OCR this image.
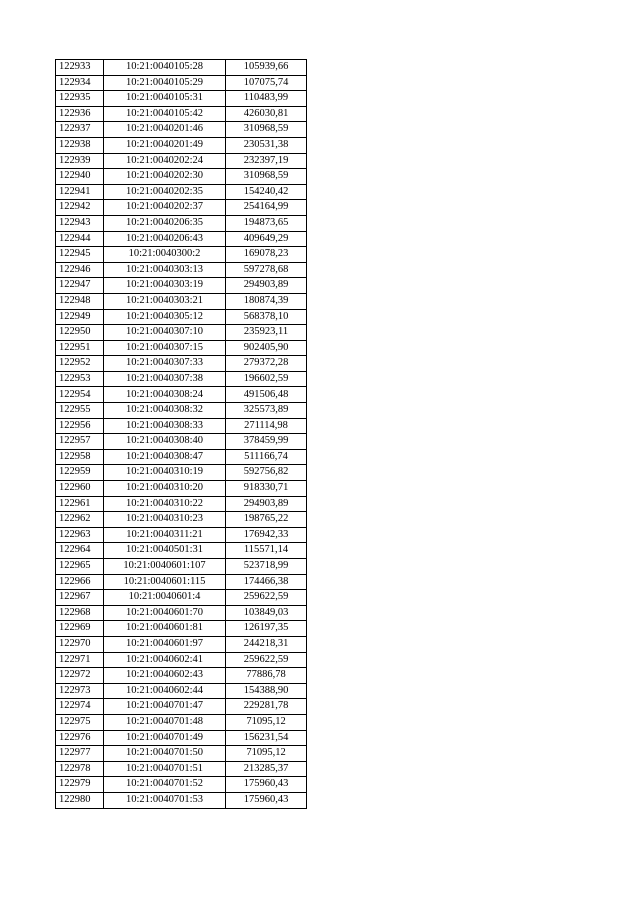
122933	10:21:0040105:28	105939,66
122934	10:21:0040105:29	107075,74
122935	10:21:0040105:31	110483,99
122936	10:21:0040105:42	426030,81
122937	10:21:0040201:46	310968,59
122938	10:21:0040201:49	230531,38
122939	10:21:0040202:24	232397,19
122940	10:21:0040202:30	310968,59
122941	10:21:0040202:35	154240,42
122942	10:21:0040202:37	254164,99
122943	10:21:0040206:35	194873,65
122944	10:21:0040206:43	409649,29
122945	10:21:0040300:2	169078,23
122946	10:21:0040303:13	597278,68
122947	10:21:0040303:19	294903,89
122948	10:21:0040303:21	180874,39
122949	10:21:0040305:12	568378,10
122950	10:21:0040307:10	235923,11
122951	10:21:0040307:15	902405,90
122952	10:21:0040307:33	279372,28
122953	10:21:0040307:38	196602,59
122954	10:21:0040308:24	491506,48
122955	10:21:0040308:32	325573,89
122956	10:21:0040308:33	271114,98
122957	10:21:0040308:40	378459,99
122958	10:21:0040308:47	511166,74
122959	10:21:0040310:19	592756,82
122960	10:21:0040310:20	918330,71
122961	10:21:0040310:22	294903,89
122962	10:21:0040310:23	198765,22
122963	10:21:0040311:21	176942,33
122964	10:21:0040501:31	115571,14
122965	10:21:0040601:107	523718,99
122966	10:21:0040601:115	174466,38
122967	10:21:0040601:4	259622,59
122968	10:21:0040601:70	103849,03
122969	10:21:0040601:81	126197,35
122970	10:21:0040601:97	244218,31
122971	10:21:0040602:41	259622,59
122972	10:21:0040602:43	77886,78
122973	10:21:0040602:44	154388,90
122974	10:21:0040701:47	229281,78
122975	10:21:0040701:48	71095,12
122976	10:21:0040701:49	156231,54
122977	10:21:0040701:50	71095,12
122978	10:21:0040701:51	213285,37
122979	10:21:0040701:52	175960,43
122980	10:21:0040701:53	175960,43
